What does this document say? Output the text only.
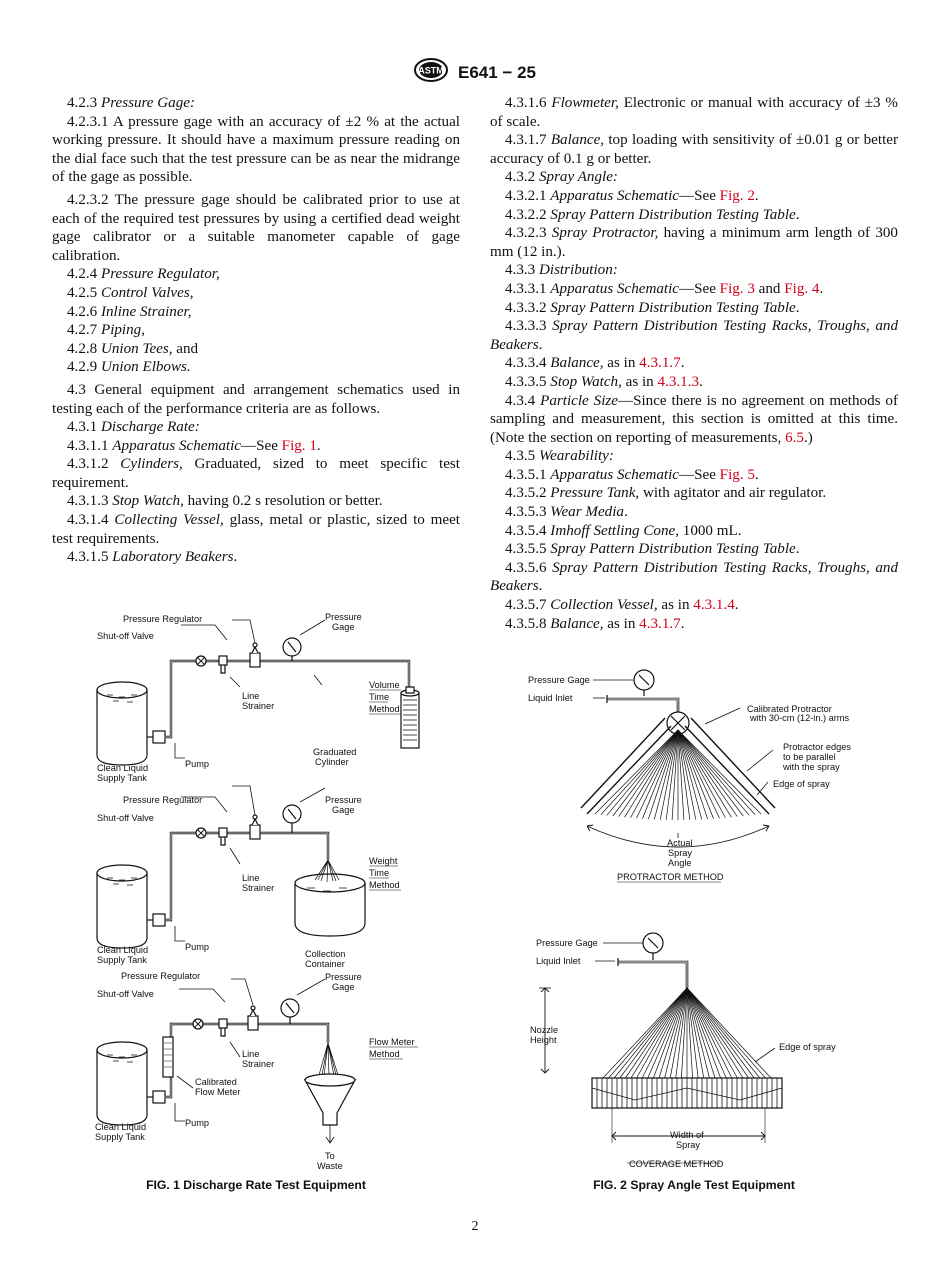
ASTM E641 − 25

4.2.3 Pressure Gage:

4.2.3.1 A pressure gage with an accuracy of ±2 % at the actual working pressure. It should have a maximum pressure reading on the dial face such that the test pressure can be as near the midrange of the gage as possible.

4.2.3.2 The pressure gage should be calibrated prior to use at each of the required test pressures by using a certified dead weight gage calibrator or a suitable manometer capable of gage calibration.

4.2.4 Pressure Regulator,

4.2.5 Control Valves,

4.2.6 Inline Strainer,

4.2.7 Piping,

4.2.8 Union Tees, and

4.2.9 Union Elbows.

4.3 General equipment and arrangement schematics used in testing each of the performance criteria are as follows.

4.3.1 Discharge Rate:

4.3.1.1 Apparatus Schematic—See Fig. 1.

4.3.1.2 Cylinders, Graduated, sized to meet specific test requirement.

4.3.1.3 Stop Watch, having 0.2 s resolution or better.

4.3.1.4 Collecting Vessel, glass, metal or plastic, sized to meet test requirements.

4.3.1.5 Laboratory Beakers.

4.3.1.6 Flowmeter, Electronic or manual with accuracy of ±3 % of scale.

4.3.1.7 Balance, top loading with sensitivity of ±0.01 g or better accuracy of 0.1 g or better.

4.3.2 Spray Angle:

4.3.2.1 Apparatus Schematic—See Fig. 2.

4.3.2.2 Spray Pattern Distribution Testing Table.

4.3.2.3 Spray Protractor, having a minimum arm length of 300 mm (12 in.).

4.3.3 Distribution:

4.3.3.1 Apparatus Schematic—See Fig. 3 and Fig. 4.

4.3.3.2 Spray Pattern Distribution Testing Table.

4.3.3.3 Spray Pattern Distribution Testing Racks, Troughs, and Beakers.

4.3.3.4 Balance, as in 4.3.1.7.

4.3.3.5 Stop Watch, as in 4.3.1.3.

4.3.4 Particle Size—Since there is no agreement on methods of sampling and measurement, this section is omitted at this time. (Note the section on reporting of measurements, 6.5.)

4.3.5 Wearability:

4.3.5.1 Apparatus Schematic—See Fig. 5.

4.3.5.2 Pressure Tank, with agitator and air regulator.

4.3.5.3 Wear Media.

4.3.5.4 Imhoff Settling Cone, 1000 mL.

4.3.5.5 Spray Pattern Distribution Testing Table.

4.3.5.6 Spray Pattern Distribution Testing Racks, Troughs, and Beakers.

4.3.5.7 Collection Vessel, as in 4.3.1.4.

4.3.5.8 Balance, as in 4.3.1.7.

Pressure Regulator
Shut-off Valve
Pressure
Gage
Line
Strainer
Pump
Clean Liquid
Supply Tank
Volume
Time
Method
Graduated
Cylinder
Pressure Regulator
Shut-off Valve
Pressure
Gage
Line
Strainer
Pump
Clean Liquid
Supply Tank
Weight
Time
Method
Collection
Container
Pressure Regulator
Shut-off Valve
Pressure
Gage
Line
Strainer
Calibrated
Flow Meter
Pump
Clean Liquid
Supply Tank
Flow Meter
Method
To
Waste
FIG. 1 Discharge Rate Test Equipment
Pressure Gage
Liquid Inlet
Calibrated Protractor
with 30-cm (12-in.) arms
Protractor edges
to be parallel
with the spray
Edge of spray
Actual
Spray
Angle
PROTRACTOR METHOD
Pressure Gage
Liquid Inlet
Nozzle
Height
Edge of spray
Width of
Spray
COVERAGE METHOD
FIG. 2 Spray Angle Test Equipment
2
